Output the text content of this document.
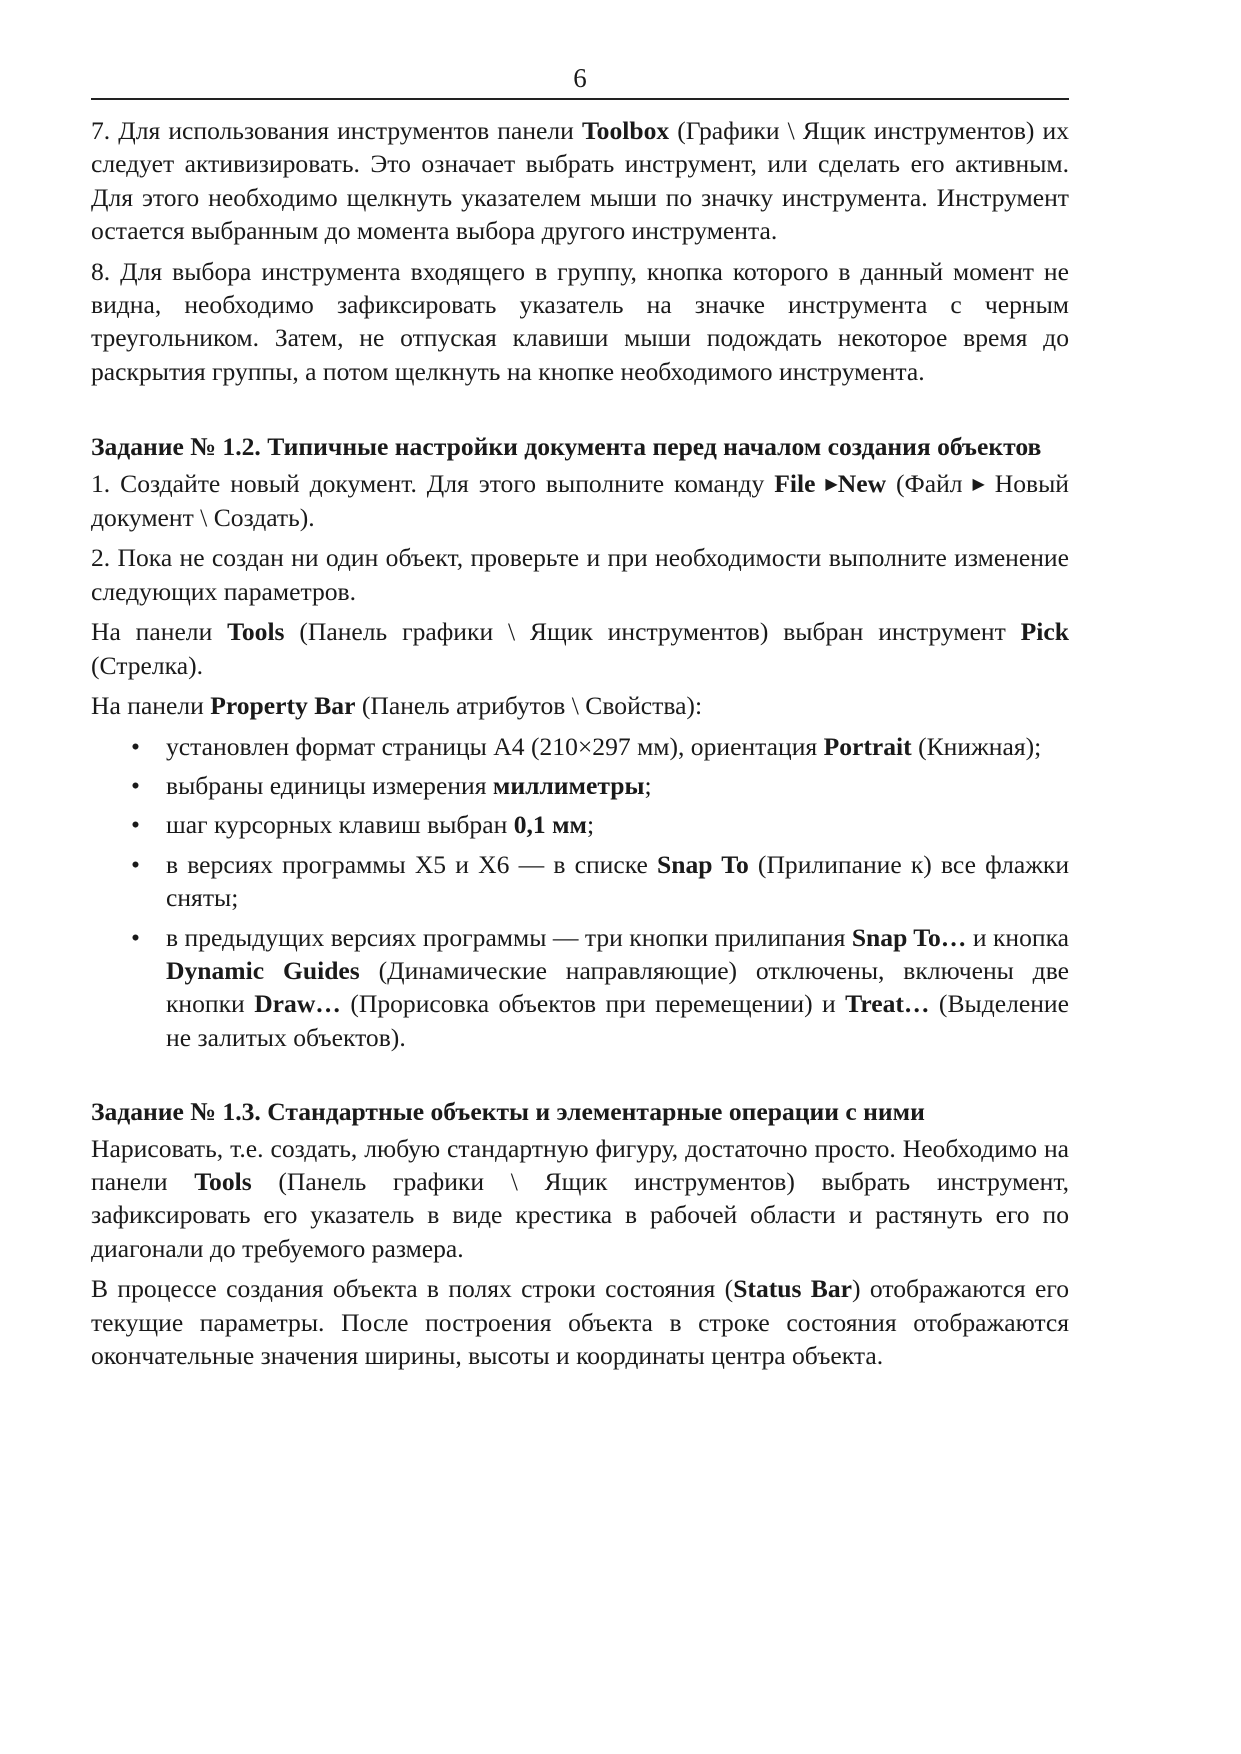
6

7. Для использования инструментов панели Toolbox (Графики \ Ящик инструментов) их следует активизировать. Это означает выбрать инструмент, или сделать его активным. Для этого необходимо щелкнуть указателем мыши по значку инструмента. Инструмент остается выбранным до момента выбора другого инструмента.

8. Для выбора инструмента входящего в группу, кнопка которого в данный момент не видна, необходимо зафиксировать указатель на значке инструмента с черным треугольником. Затем, не отпуская клавиши мыши подождать некоторое время до раскрытия группы, а потом щелкнуть на кнопке необходимого инструмента.

Задание № 1.2. Типичные настройки документа перед началом создания объектов

1. Создайте новый документ. Для этого выполните команду File ▶New (Файл ▶ Новый документ \ Создать).

2. Пока не создан ни один объект, проверьте и при необходимости выполните изменение следующих параметров.

На панели Tools (Панель графики \ Ящик инструментов) выбран инструмент Pick (Стрелка).

На панели Property Bar (Панель атрибутов \ Свойства):

• установлен формат страницы А4 (210×297 мм), ориентация Portrait (Книжная);
• выбраны единицы измерения миллиметры;
• шаг курсорных клавиш выбран 0,1 мм;
• в версиях программы X5 и X6 — в списке Snap To (Прилипание к) все флажки сняты;
• в предыдущих версиях программы — три кнопки прилипания Snap To… и кнопка Dynamic Guides (Динамические направляющие) отключены, включены две кнопки Draw… (Прорисовка объектов при перемещении) и Treat… (Выделение не залитых объектов).
Задание № 1.3. Стандартные объекты и элементарные операции с ними

Нарисовать, т.е. создать, любую стандартную фигуру, достаточно просто. Необходимо на панели Tools (Панель графики \ Ящик инструментов) выбрать инструмент, зафиксировать его указатель в виде крестика в рабочей области и растянуть его по диагонали до требуемого размера.

В процессе создания объекта в полях строки состояния (Status Bar) отображаются его текущие параметры. После построения объекта в строке состояния отображаются окончательные значения ширины, высоты и координаты центра объекта.
